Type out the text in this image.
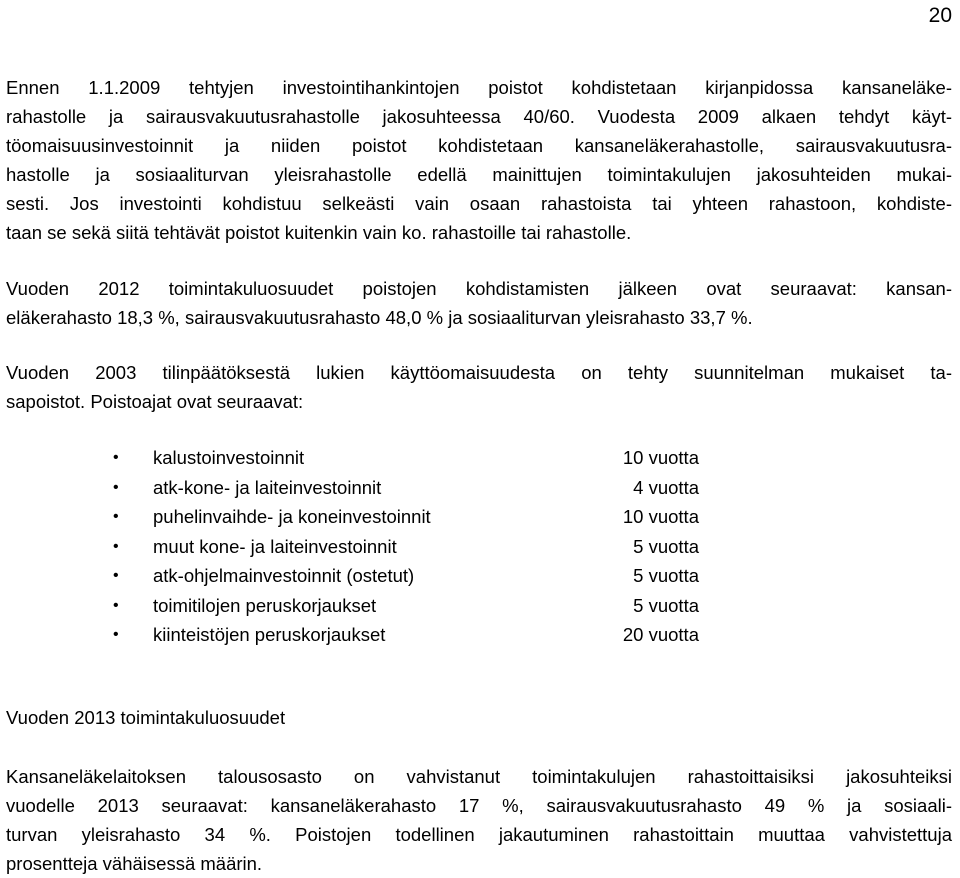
20

Ennen 1.1.2009 tehtyjen investointihankintojen poistot kohdistetaan kirjanpidossa kansaneläke-
rahastolle ja sairausvakuutusrahastolle jakosuhteessa 40/60. Vuodesta 2009 alkaen tehdyt käyt-
töomaisuusinvestoinnit ja niiden poistot kohdistetaan kansaneläkerahastolle, sairausvakuutusra-
hastolle ja sosiaaliturvan yleisrahastolle edellä mainittujen toimintakulujen jakosuhteiden mukai-
sesti. Jos investointi kohdistuu selkeästi vain osaan rahastoista tai yhteen rahastoon, kohdiste-
taan se sekä siitä tehtävät poistot kuitenkin vain ko. rahastoille tai rahastolle.

Vuoden 2012 toimintakuluosuudet poistojen kohdistamisten jälkeen ovat seuraavat: kansan-
eläkerahasto 18,3 %, sairausvakuutusrahasto 48,0 % ja sosiaaliturvan yleisrahasto 33,7 %.

Vuoden 2003 tilinpäätöksestä lukien käyttöomaisuudesta on tehty suunnitelman mukaiset ta-
sapoistot. Poistoajat ovat seuraavat:

• kalustoinvestoinnit	10 vuotta
• atk-kone- ja laiteinvestoinnit	4 vuotta
• puhelinvaihde- ja koneinvestoinnit	10 vuotta
• muut kone- ja laiteinvestoinnit	5 vuotta
• atk-ohjelmainvestoinnit (ostetut)	5 vuotta
• toimitilojen peruskorjaukset	5 vuotta
• kiinteistöjen peruskorjaukset	20 vuotta

Vuoden 2013 toimintakuluosuudet

Kansaneläkelaitoksen talousosasto on vahvistanut toimintakulujen rahastoittaisiksi jakosuhteiksi
vuodelle 2013 seuraavat: kansaneläkerahasto 17 %, sairausvakuutusrahasto 49 % ja sosiaali-
turvan yleisrahasto 34 %. Poistojen todellinen jakautuminen rahastoittain muuttaa vahvistettuja
prosentteja vähäisessä määrin.
